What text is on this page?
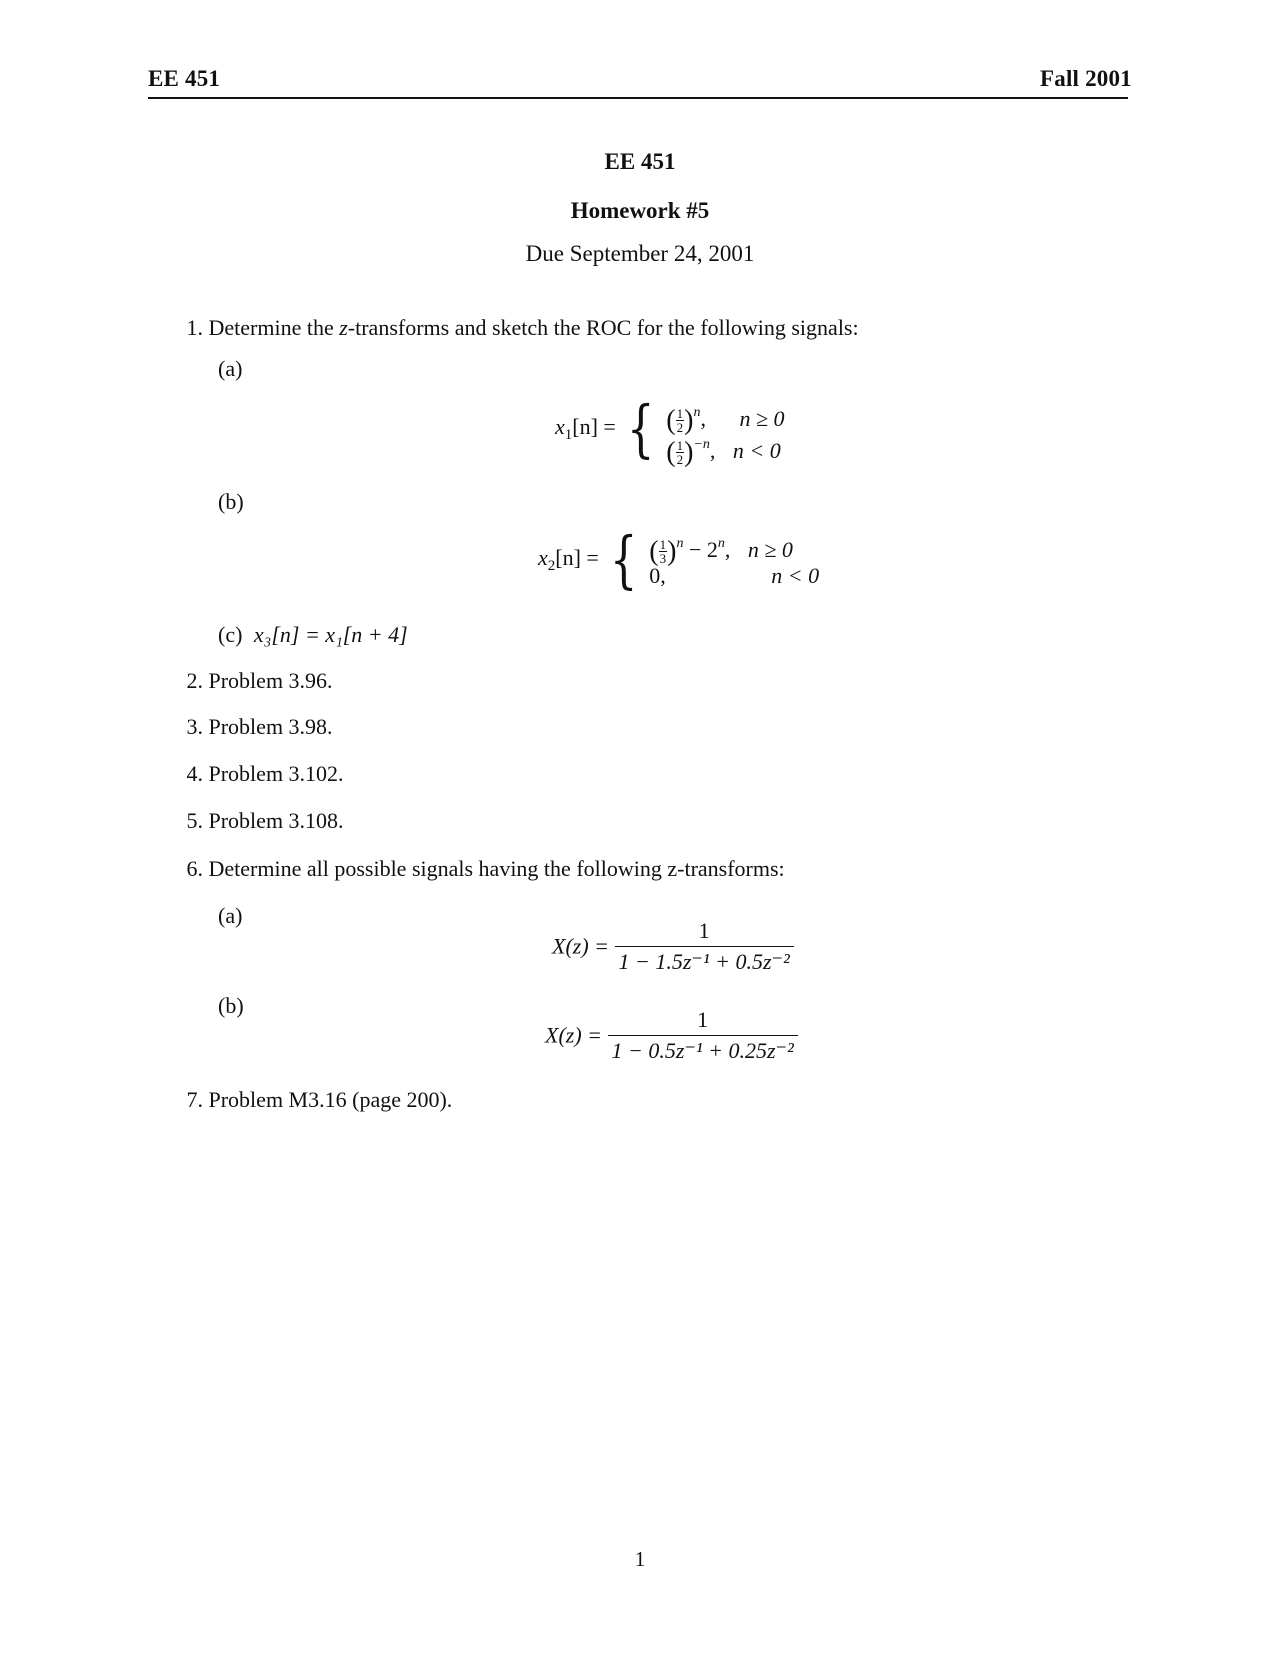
EE 451	Fall 2001
EE 451
Homework #5
Due September 24, 2001
1. Determine the z-transforms and sketch the ROC for the following signals:
(a)
$x_1[n]$ = { ( $\frac{1}{2} )^n$, n ≥ 0
( $\frac{1}{2} )^{-n}$, n < 0
(b)
$x_2[n]$ = { ( $\frac{1}{3} )^n - 2^n$, n ≥ 0
0,	n < 0
(c) x₃[n] = x₁[n + 4]
2. Problem 3.96.
3. Problem 3.98.
4. Problem 3.102.
5. Problem 3.108.
6. Determine all possible signals having the following z-transforms:
(a)
$X(z) = \frac{1}{\text{1 − 1.5z⁻¹ + 0.5z⁻²}}$
(b)
$X(z) = \frac{1}{\text{1 − 0.5z⁻¹ + 0.25z⁻²}}$
7. Problem M3.16 (page 200).
1
